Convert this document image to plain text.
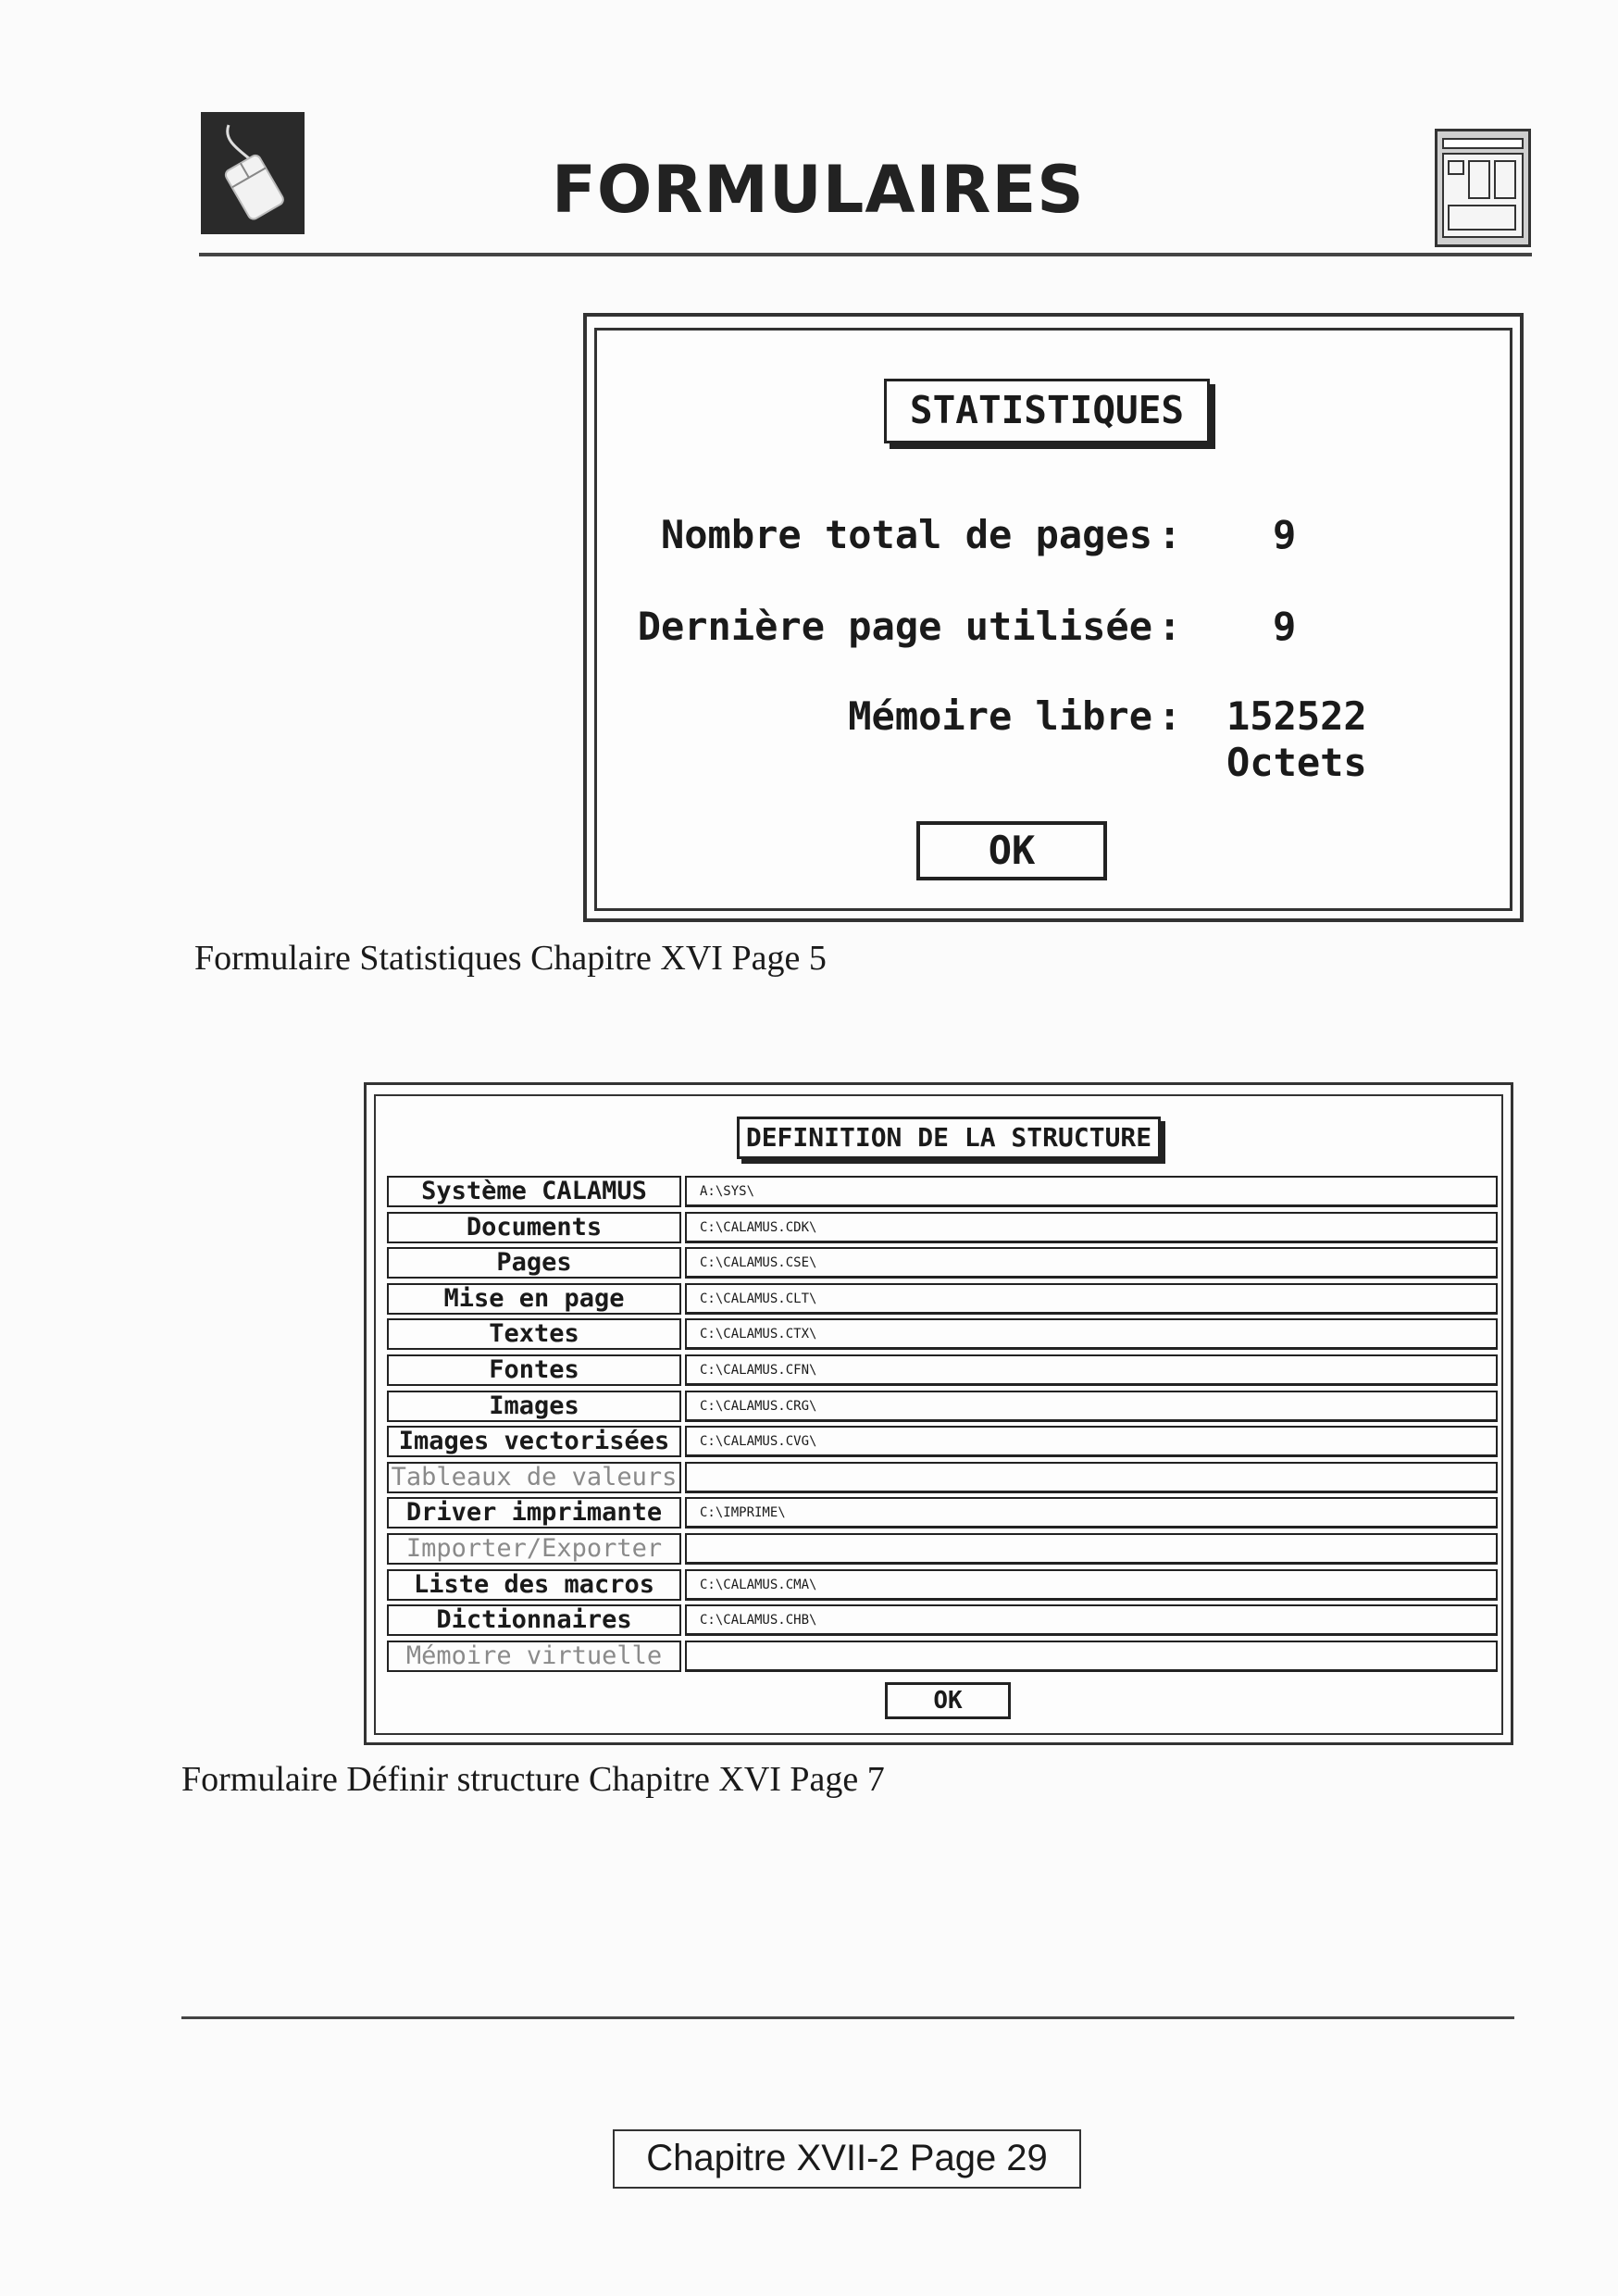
FORMULAIRES
STATISTIQUES
Nombre total de pages : 9
Dernière page utilisée : 9
Mémoire libre : 152522 Octets
OK
Formulaire Statistiques Chapitre XVI Page 5
DEFINITION DE LA STRUCTURE
Système CALAMUS	A:\SYS\
Documents	C:\CALAMUS.CDK\
Pages	C:\CALAMUS.CSE\
Mise en page	C:\CALAMUS.CLT\
Textes	C:\CALAMUS.CTX\
Fontes	C:\CALAMUS.CFN\
Images	C:\CALAMUS.CRG\
Images vectorisées	C:\CALAMUS.CVG\
Tableaux de valeurs
Driver imprimante	C:\IMPRIME\
Importer/Exporter
Liste des macros	C:\CALAMUS.CMA\
Dictionnaires	C:\CALAMUS.CHB\
Mémoire virtuelle
OK
Formulaire Définir structure Chapitre XVI Page 7
Chapitre XVII-2 Page 29
